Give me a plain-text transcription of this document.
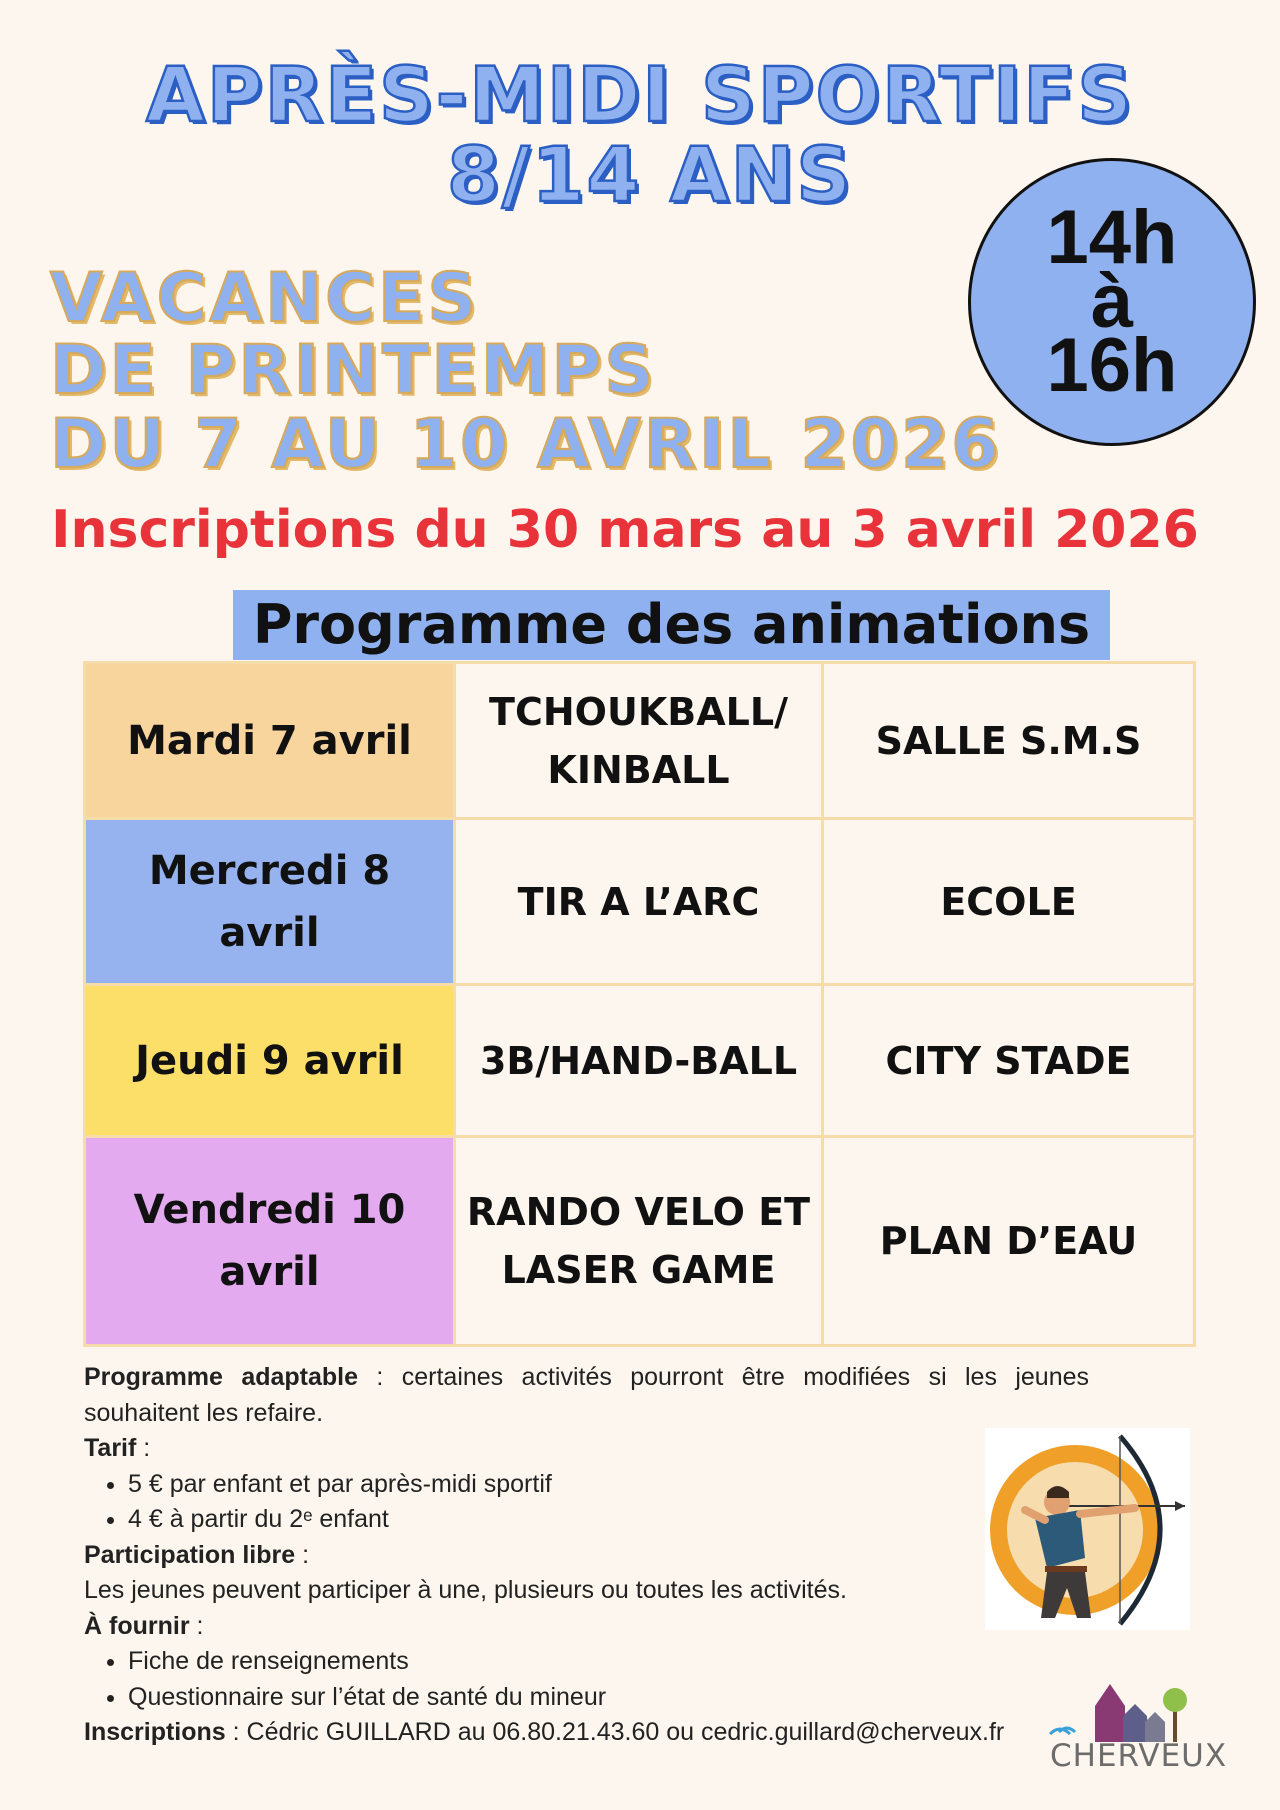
APRÈS-MIDI SPORTIFS
8/14 ANS
VACANCES
DE PRINTEMPS
DU 7 AU 10 AVRIL 2026
14h
à
16h

Inscriptions du 30 mars au 3 avril 2026

Programme des animations
Mardi 7 avril	TCHOUKBALL/ KINBALL	SALLE S.M.S
Mercredi 8 avril	TIR A L’ARC	ECOLE
Jeudi 9 avril	3B/HAND-BALL	CITY STADE
Vendredi 10 avril	RANDO VELO ET LASER GAME	PLAN D’EAU

Programme adaptable : certaines activités pourront être modifiées si les jeunes souhaitent les refaire.

Tarif :

• 5 € par enfant et par après-midi sportif
• 4 € à partir du 2ᵉ enfant

Participation libre :

Les jeunes peuvent participer à une, plusieurs ou toutes les activités.

À fournir :

• Fiche de renseignements
• Questionnaire sur l’état de santé du mineur

Inscriptions : Cédric GUILLARD au 06.80.21.43.60 ou cedric.guillard@cherveux.fr

CHERVEUX
